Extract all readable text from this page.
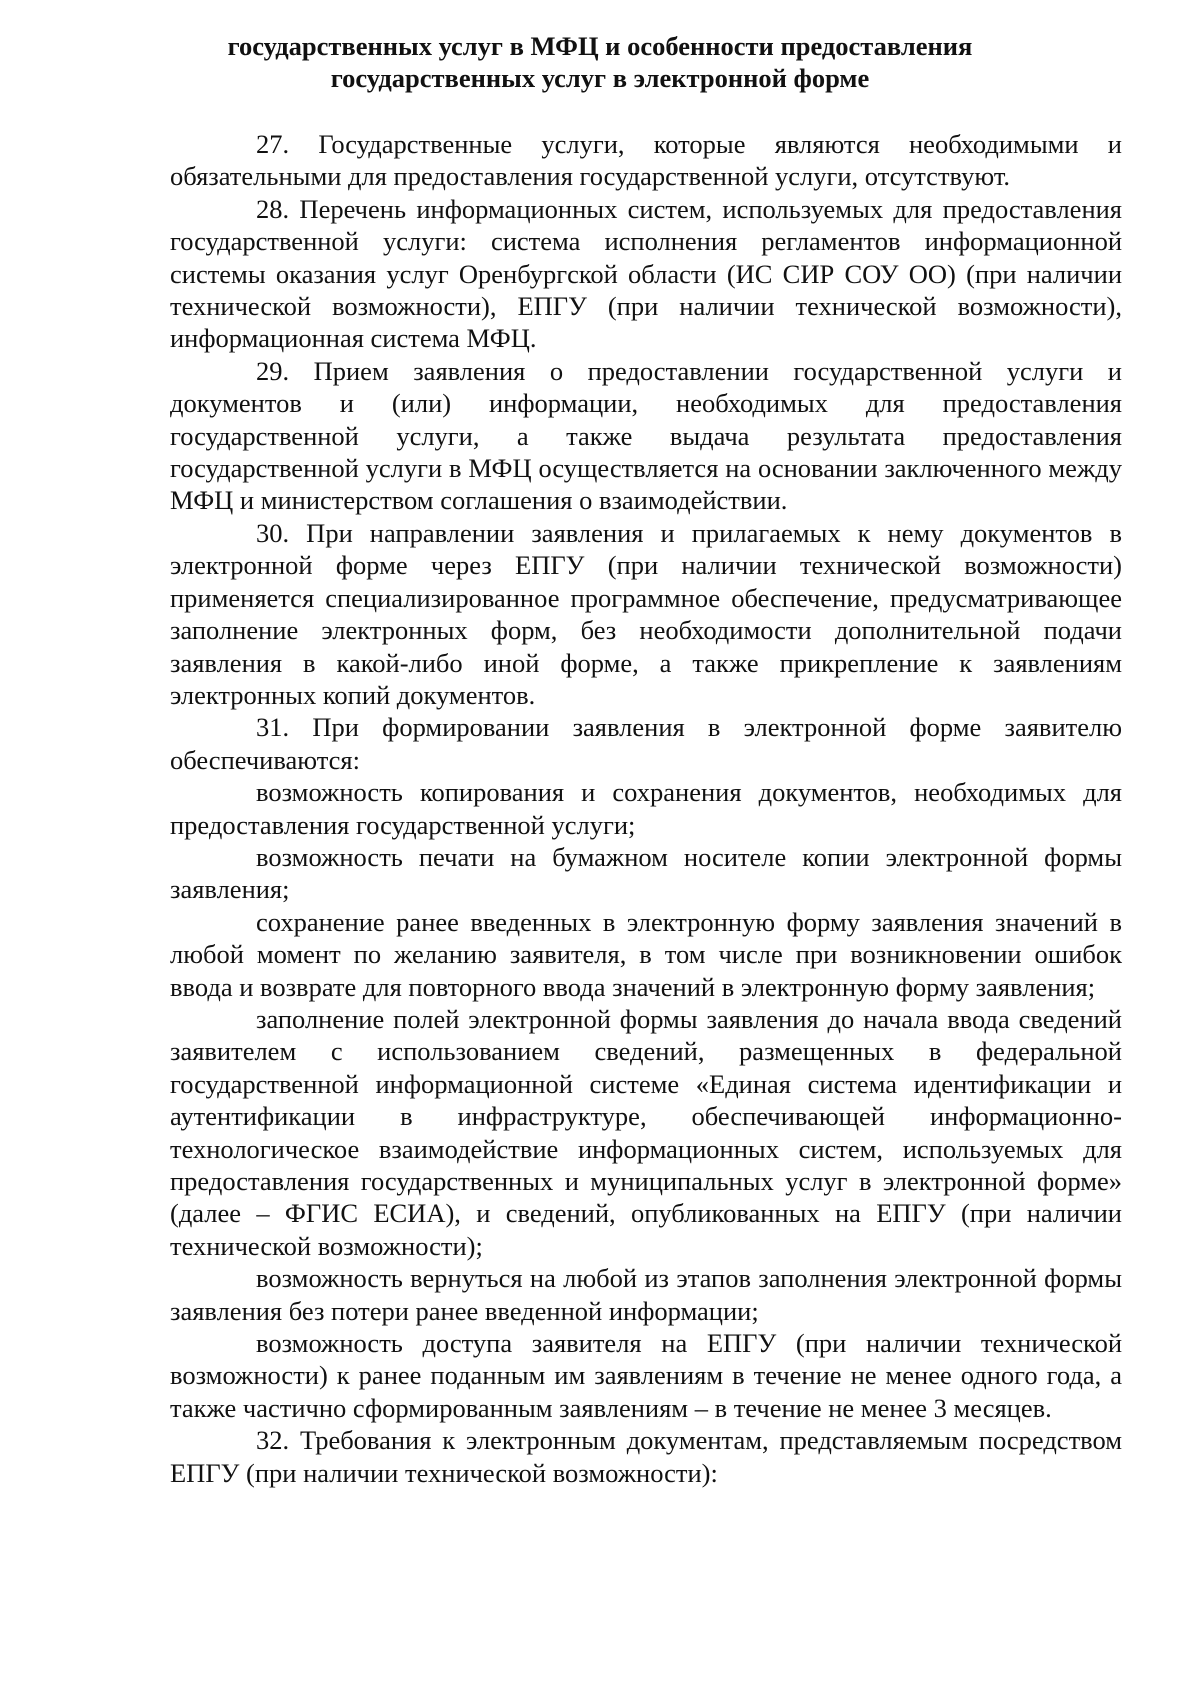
государственных услуг в МФЦ и особенности предоставления
государственных услуг в электронной форме

27. Государственные услуги, которые являются необходимыми и обязательными для предоставления государственной услуги, отсутствуют.

28. Перечень информационных систем, используемых для предоставления государственной услуги: система исполнения регламентов информационной системы оказания услуг Оренбургской области (ИС СИР СОУ ОО) (при наличии технической возможности), ЕПГУ (при наличии технической возможности), информационная система МФЦ.

29. Прием заявления о предоставлении государственной услуги и документов и (или) информации, необходимых для предоставления государственной услуги, а также выдача результата предоставления государственной услуги в МФЦ осуществляется на основании заключенного между МФЦ и министерством соглашения о взаимодействии.

30. При направлении заявления и прилагаемых к нему документов в электронной форме через ЕПГУ (при наличии технической возможности) применяется специализированное программное обеспечение, предусматривающее заполнение электронных форм, без необходимости дополнительной подачи заявления в какой-либо иной форме, а также прикрепление к заявлениям электронных копий документов.

31. При формировании заявления в электронной форме заявителю обеспечиваются:

возможность копирования и сохранения документов, необходимых для предоставления государственной услуги;

возможность печати на бумажном носителе копии электронной формы заявления;

сохранение ранее введенных в электронную форму заявления значений в любой момент по желанию заявителя, в том числе при возникновении ошибок ввода и возврате для повторного ввода значений в электронную форму заявления;

заполнение полей электронной формы заявления до начала ввода сведений заявителем с использованием сведений, размещенных в федеральной государственной информационной системе «Единая система идентификации и аутентификации в инфраструктуре, обеспечивающей информационно-технологическое взаимодействие информационных систем, используемых для предоставления государственных и муниципальных услуг в электронной форме» (далее – ФГИС ЕСИА), и сведений, опубликованных на ЕПГУ (при наличии технической возможности);

возможность вернуться на любой из этапов заполнения электронной формы заявления без потери ранее введенной информации;

возможность доступа заявителя на ЕПГУ (при наличии технической возможности) к ранее поданным им заявлениям в течение не менее одного года, а также частично сформированным заявлениям – в течение не менее 3 месяцев.

32. Требования к электронным документам, представляемым посредством ЕПГУ (при наличии технической возможности):
